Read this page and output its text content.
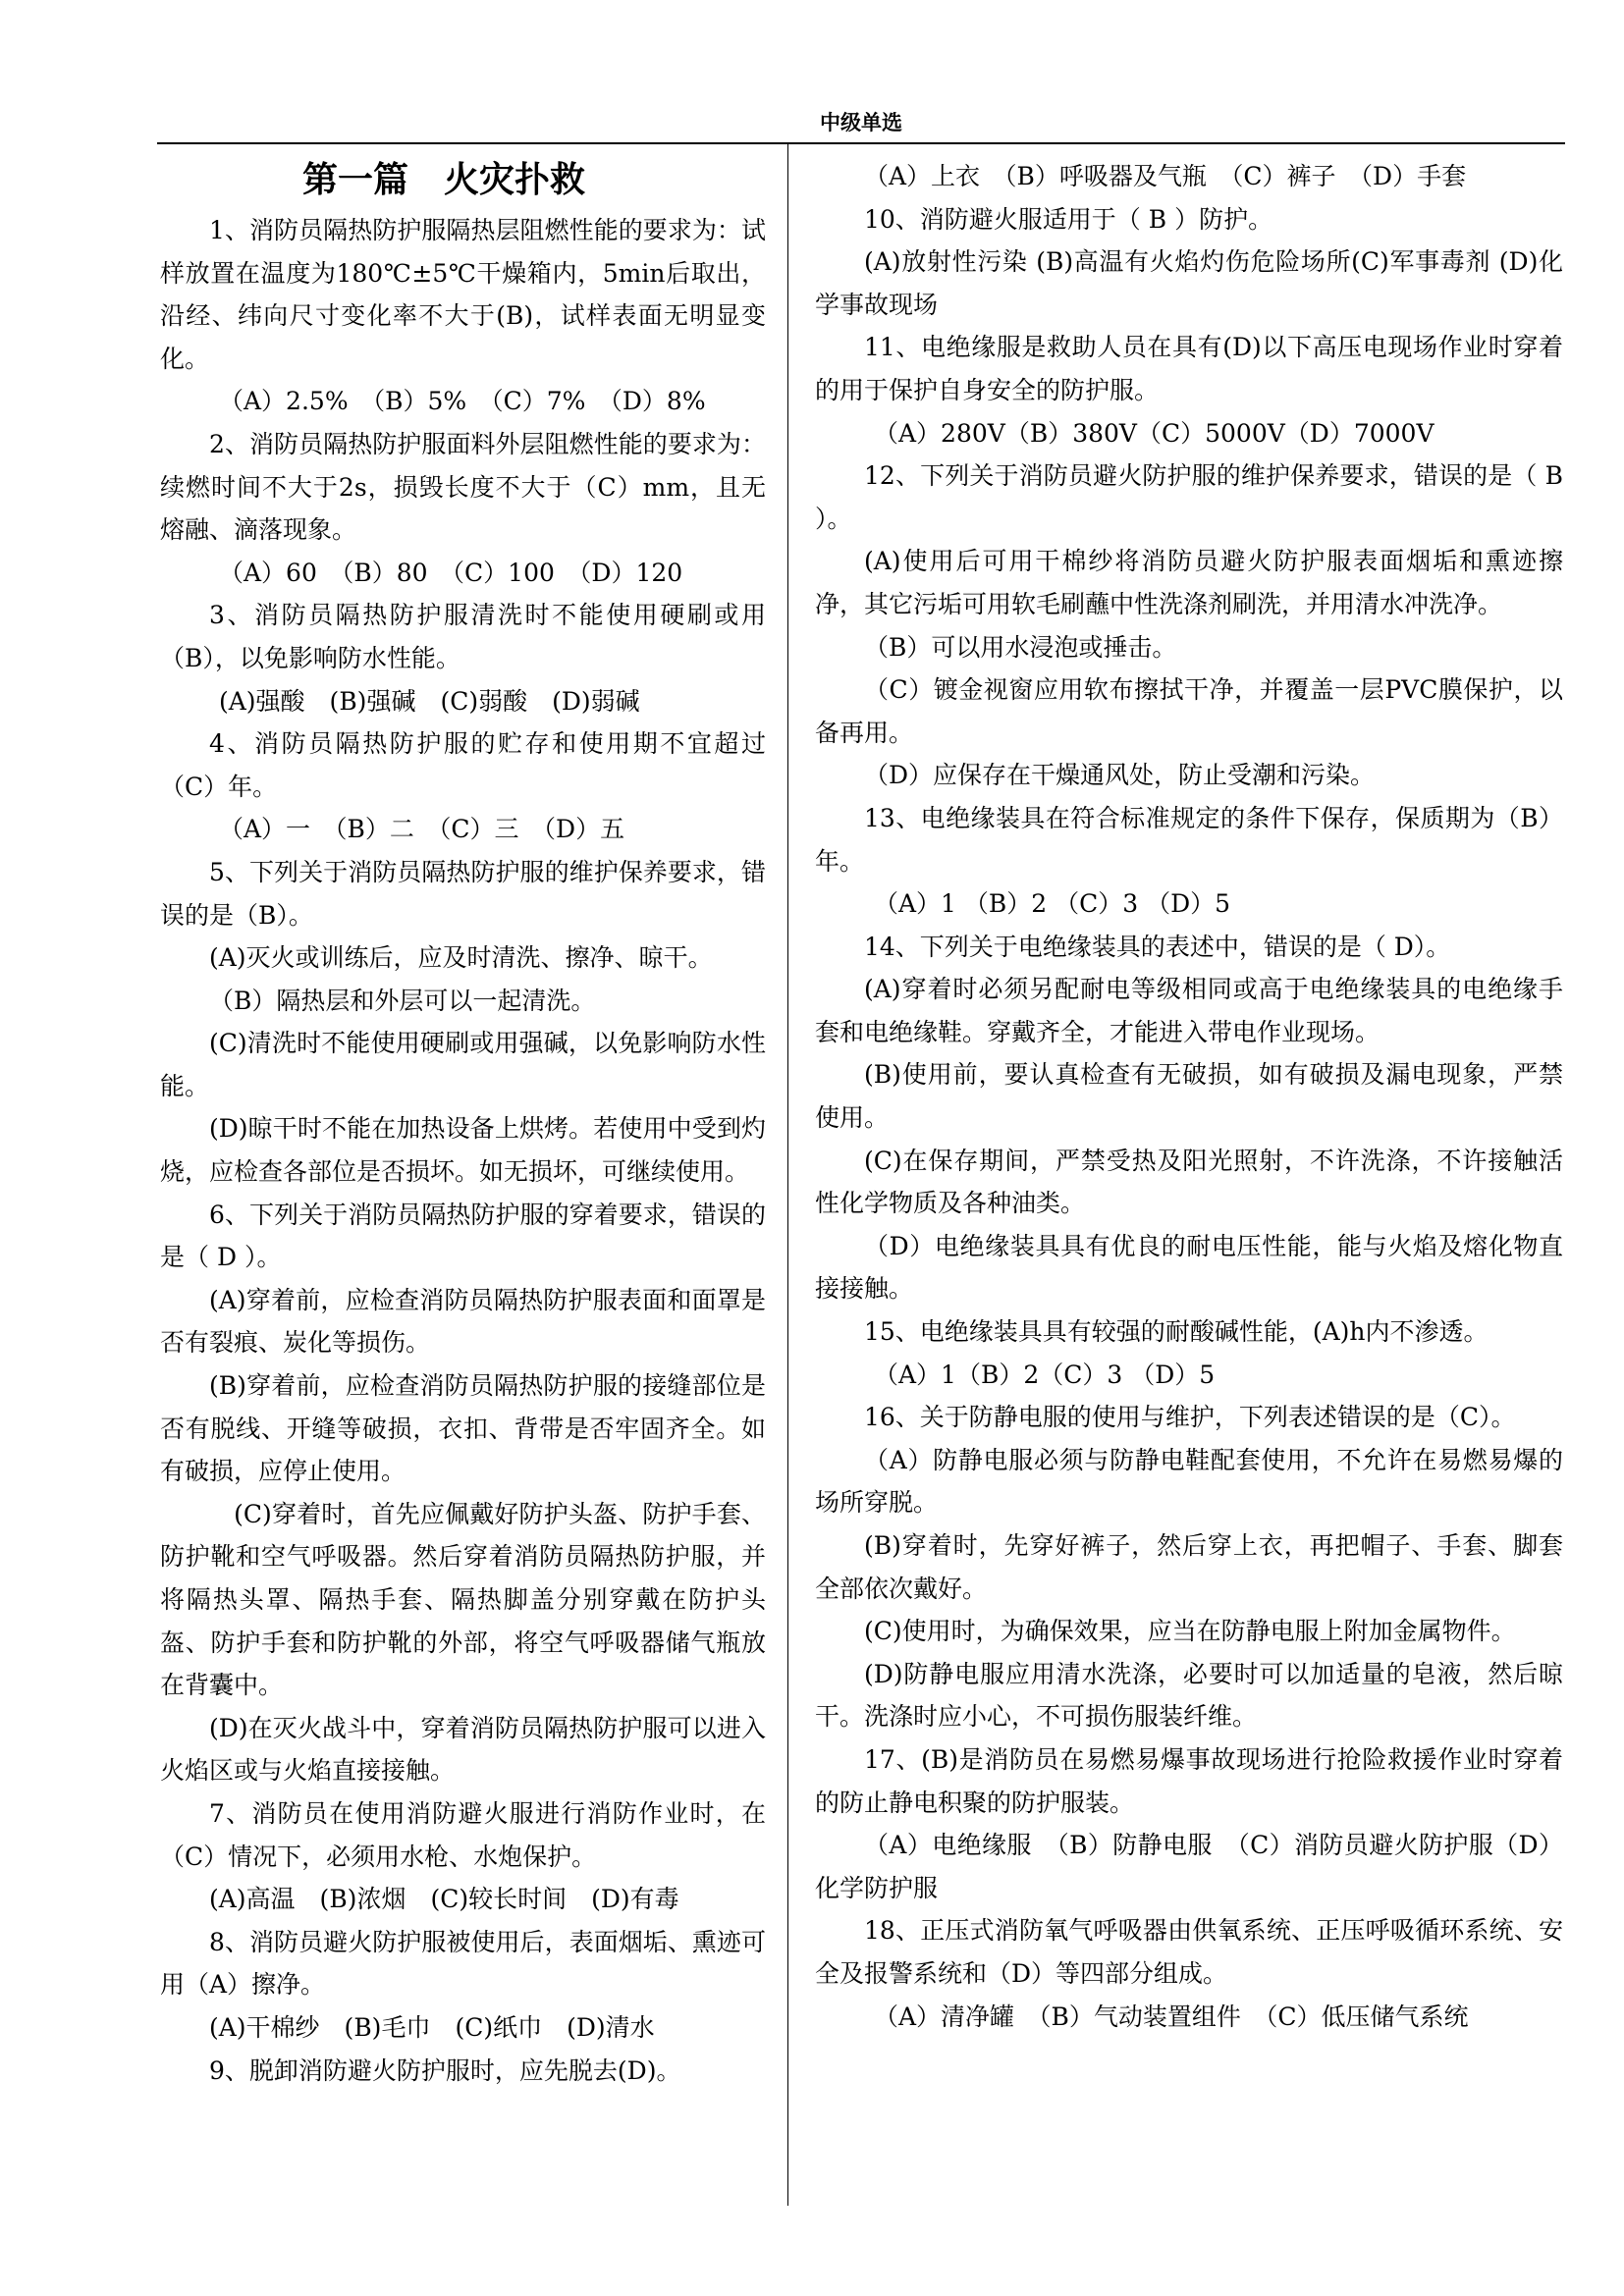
中级单选
第一篇　火灾扑救

1、消防员隔热防护服隔热层阻燃性能的要求为：试样放置在温度为180℃±5℃干燥箱内，5min后取出，沿经、纬向尺寸变化率不大于(B)，试样表面无明显变化。

（A）2.5%　（B）5%　（C）7%　（D）8%

2、消防员隔热防护服面料外层阻燃性能的要求为：续燃时间不大于2s，损毁长度不大于（C）mm，且无熔融、滴落现象。

（A）60　（B）80　（C）100　（D）120

3、消防员隔热防护服清洗时不能使用硬刷或用（B），以免影响防水性能。

(A)强酸　(B)强碱　(C)弱酸　(D)弱碱

4、消防员隔热防护服的贮存和使用期不宜超过（C）年。

（A）一　（B）二　（C）三　（D）五

5、下列关于消防员隔热防护服的维护保养要求，错误的是（B）。

(A)灭火或训练后，应及时清洗、擦净、晾干。

（B）隔热层和外层可以一起清洗。

(C)清洗时不能使用硬刷或用强碱，以免影响防水性能。

(D)晾干时不能在加热设备上烘烤。若使用中受到灼烧，应检查各部位是否损坏。如无损坏，可继续使用。

6、下列关于消防员隔热防护服的穿着要求，错误的是（ D ）。

(A)穿着前，应检查消防员隔热防护服表面和面罩是否有裂痕、炭化等损伤。

(B)穿着前，应检查消防员隔热防护服的接缝部位是否有脱线、开缝等破损，衣扣、背带是否牢固齐全。如有破损，应停止使用。

　(C)穿着时，首先应佩戴好防护头盔、防护手套、防护靴和空气呼吸器。然后穿着消防员隔热防护服，并将隔热头罩、隔热手套、隔热脚盖分别穿戴在防护头盔、防护手套和防护靴的外部，将空气呼吸器储气瓶放在背囊中。

(D)在灭火战斗中，穿着消防员隔热防护服可以进入火焰区或与火焰直接接触。

7、消防员在使用消防避火服进行消防作业时，在（C）情况下，必须用水枪、水炮保护。

(A)高温　(B)浓烟　(C)较长时间　(D)有毒

8、消防员避火防护服被使用后，表面烟垢、熏迹可用（A）擦净。

(A)干棉纱　(B)毛巾　(C)纸巾　(D)清水

9、脱卸消防避火防护服时，应先脱去(D)。

（A）上衣　（B）呼吸器及气瓶　（C）裤子　（D）手套

10、消防避火服适用于（ B ）防护。

(A)放射性污染 (B)高温有火焰灼伤危险场所(C)军事毒剂 (D)化学事故现场

11、电绝缘服是救助人员在具有(D)以下高压电现场作业时穿着的用于保护自身安全的防护服。

（A）280V（B）380V（C）5000V（D）7000V

12、下列关于消防员避火防护服的维护保养要求，错误的是（ B ）。

(A)使用后可用干棉纱将消防员避火防护服表面烟垢和熏迹擦净，其它污垢可用软毛刷蘸中性洗涤剂刷洗，并用清水冲洗净。

（B）可以用水浸泡或捶击。

（C）镀金视窗应用软布擦拭干净，并覆盖一层PVC膜保护，以备再用。

（D）应保存在干燥通风处，防止受潮和污染。

13、电绝缘装具在符合标准规定的条件下保存，保质期为（B）年。

（A）1 （B）2 （C）3 （D）5

14、下列关于电绝缘装具的表述中，错误的是（ D）。

(A)穿着时必须另配耐电等级相同或高于电绝缘装具的电绝缘手套和电绝缘鞋。穿戴齐全，才能进入带电作业现场。

(B)使用前，要认真检查有无破损，如有破损及漏电现象，严禁使用。

(C)在保存期间，严禁受热及阳光照射，不许洗涤，不许接触活性化学物质及各种油类。

（D）电绝缘装具具有优良的耐电压性能，能与火焰及熔化物直接接触。

15、电绝缘装具具有较强的耐酸碱性能，(A)h内不渗透。

（A）1（B）2（C）3 （D）5

16、关于防静电服的使用与维护，下列表述错误的是（C）。

（A）防静电服必须与防静电鞋配套使用，不允许在易燃易爆的场所穿脱。

(B)穿着时，先穿好裤子，然后穿上衣，再把帽子、手套、脚套全部依次戴好。

(C)使用时，为确保效果，应当在防静电服上附加金属物件。

(D)防静电服应用清水洗涤，必要时可以加适量的皂液，然后晾干。洗涤时应小心，不可损伤服装纤维。

17、(B)是消防员在易燃易爆事故现场进行抢险救援作业时穿着的防止静电积聚的防护服装。

（A）电绝缘服　（B）防静电服　（C）消防员避火防护服（D）化学防护服

18、正压式消防氧气呼吸器由供氧系统、正压呼吸循环系统、安全及报警系统和（D）等四部分组成。

（A）清净罐　（B）气动装置组件　（C）低压储气系统
